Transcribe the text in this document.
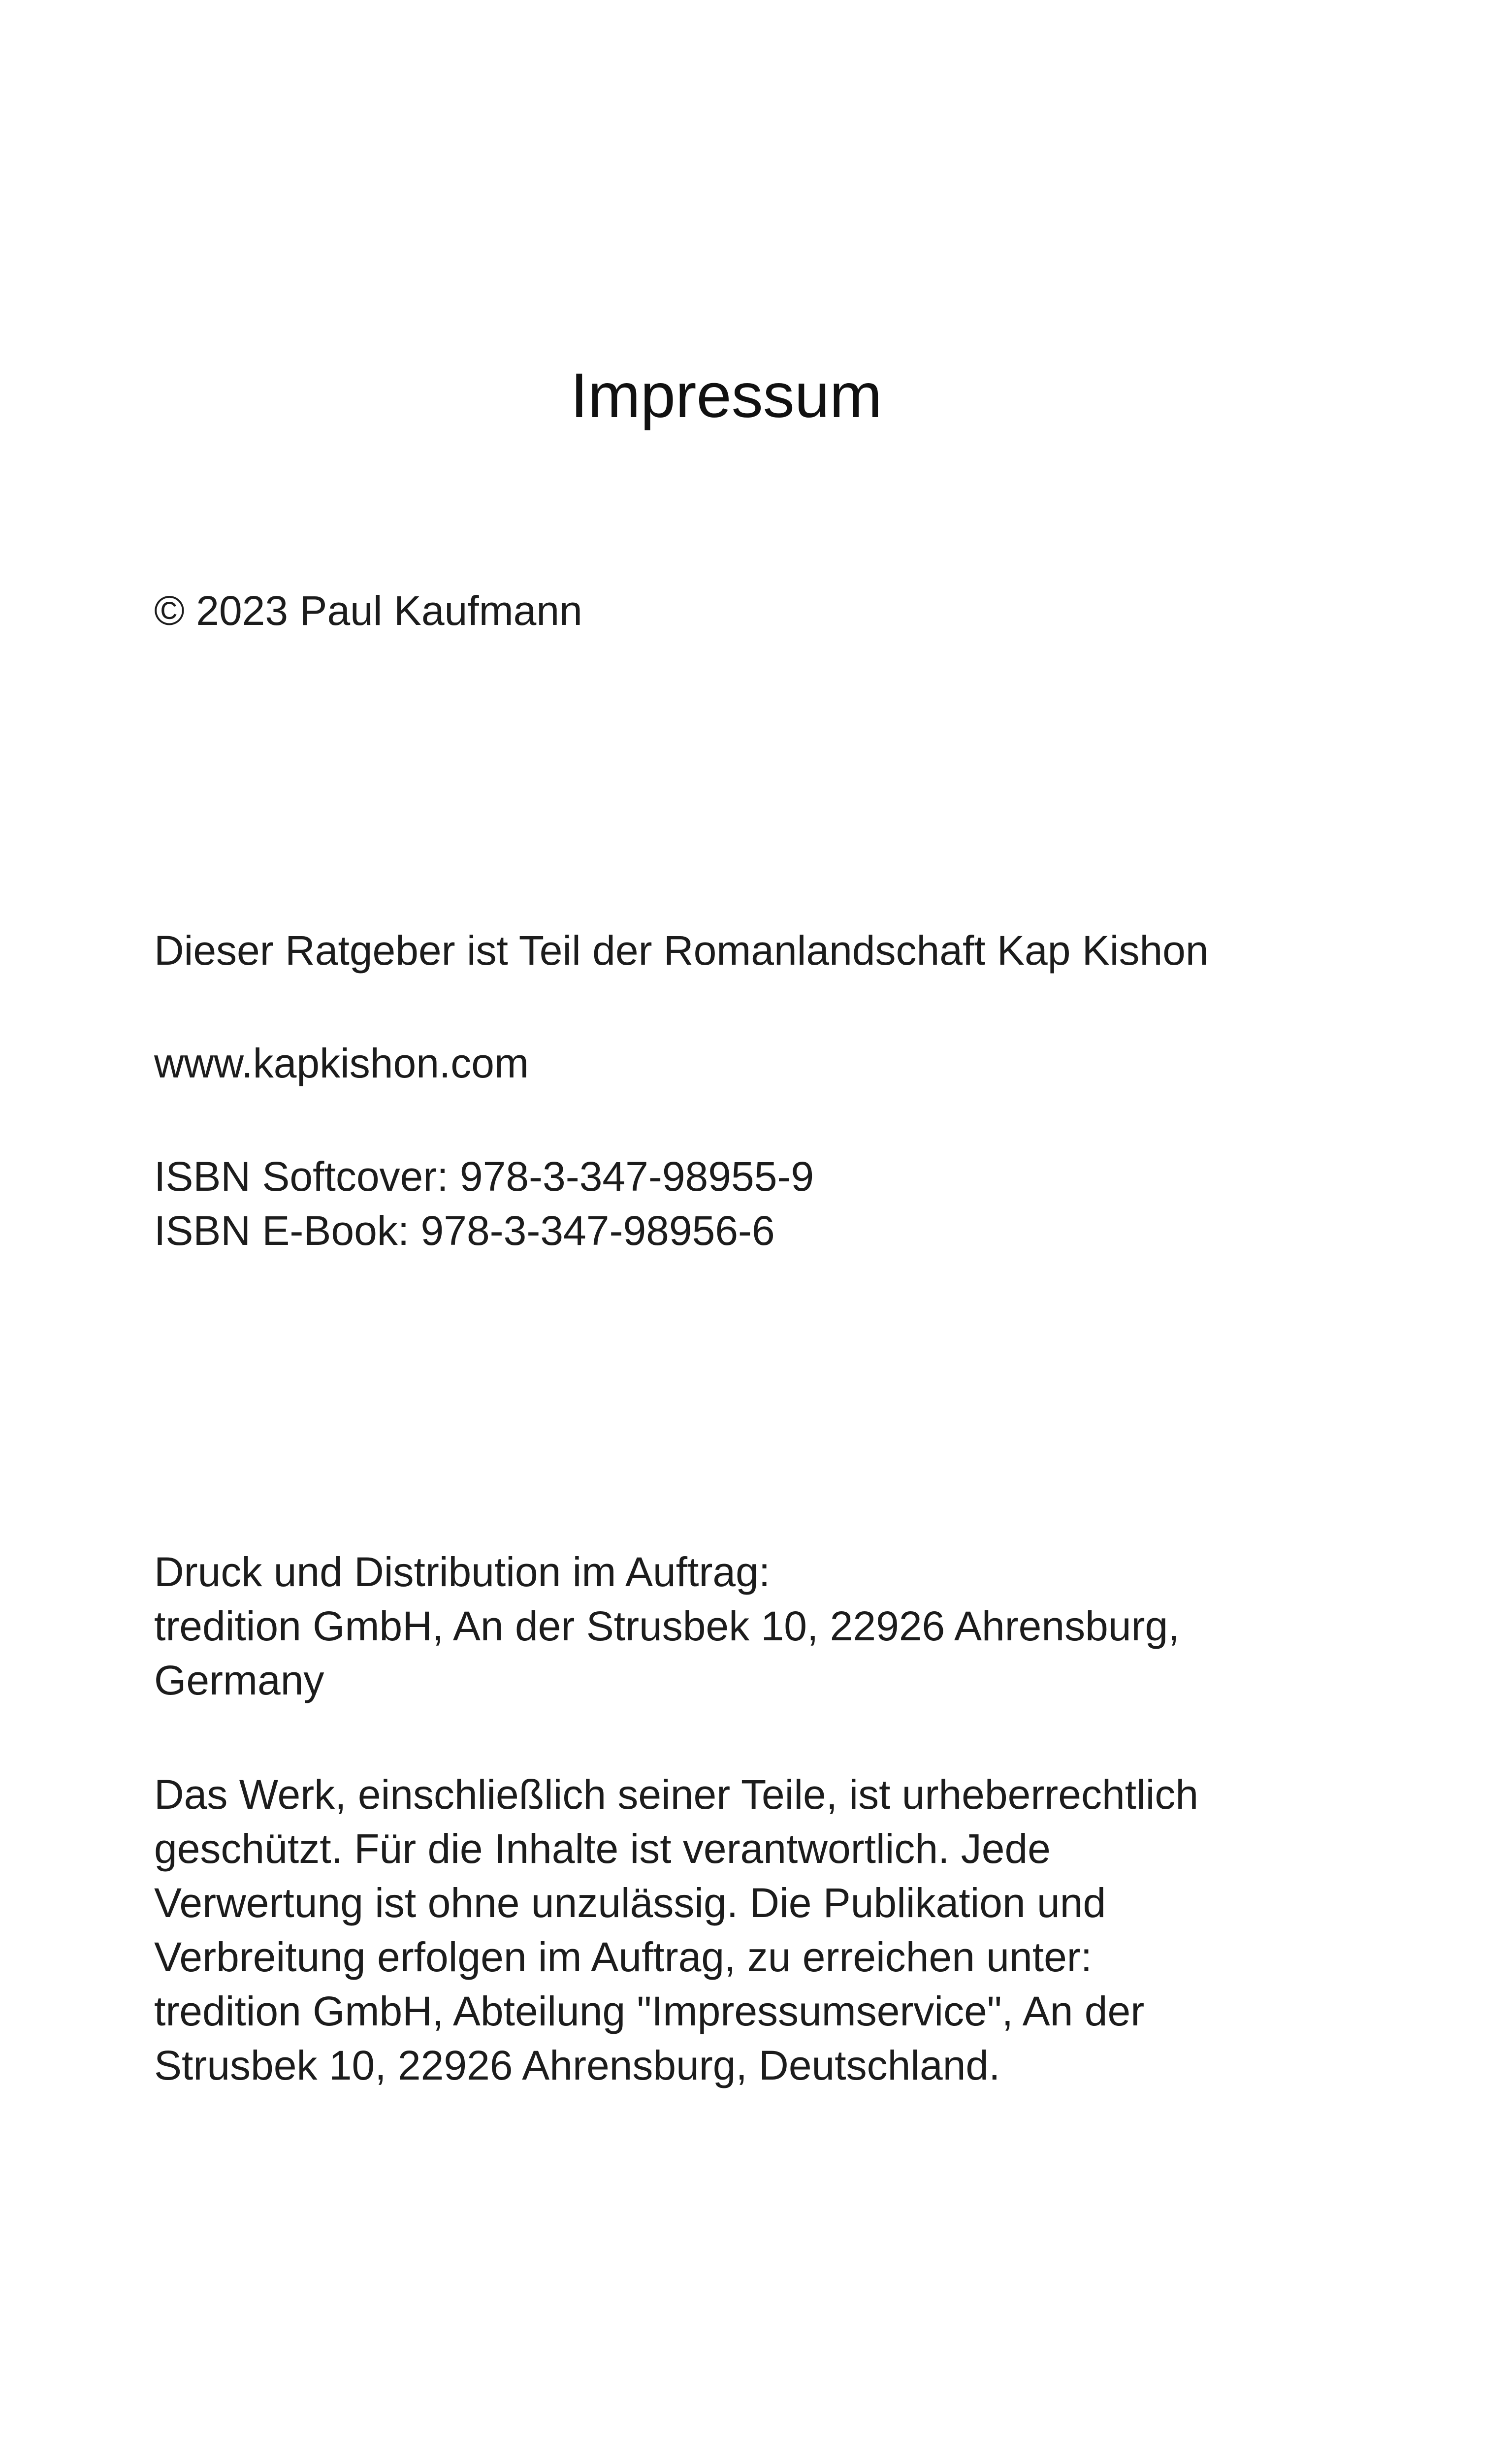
Impressum

© 2023 Paul Kaufmann

Dieser Ratgeber ist Teil der Romanlandschaft Kap Kishon

www.kapkishon.com

ISBN Softcover: 978-3-347-98955-9

ISBN E-Book: 978-3-347-98956-6

Druck und Distribution im Auftrag:

tredition GmbH, An der Strusbek 10, 22926 Ahrensburg,

Germany

Das Werk, einschließlich seiner Teile, ist urheberrechtlich

geschützt. Für die Inhalte ist verantwortlich. Jede

Verwertung ist ohne unzulässig. Die Publikation und

Verbreitung erfolgen im Auftrag, zu erreichen unter:

tredition GmbH, Abteilung "Impressumservice", An der

Strusbek 10, 22926 Ahrensburg, Deutschland.
